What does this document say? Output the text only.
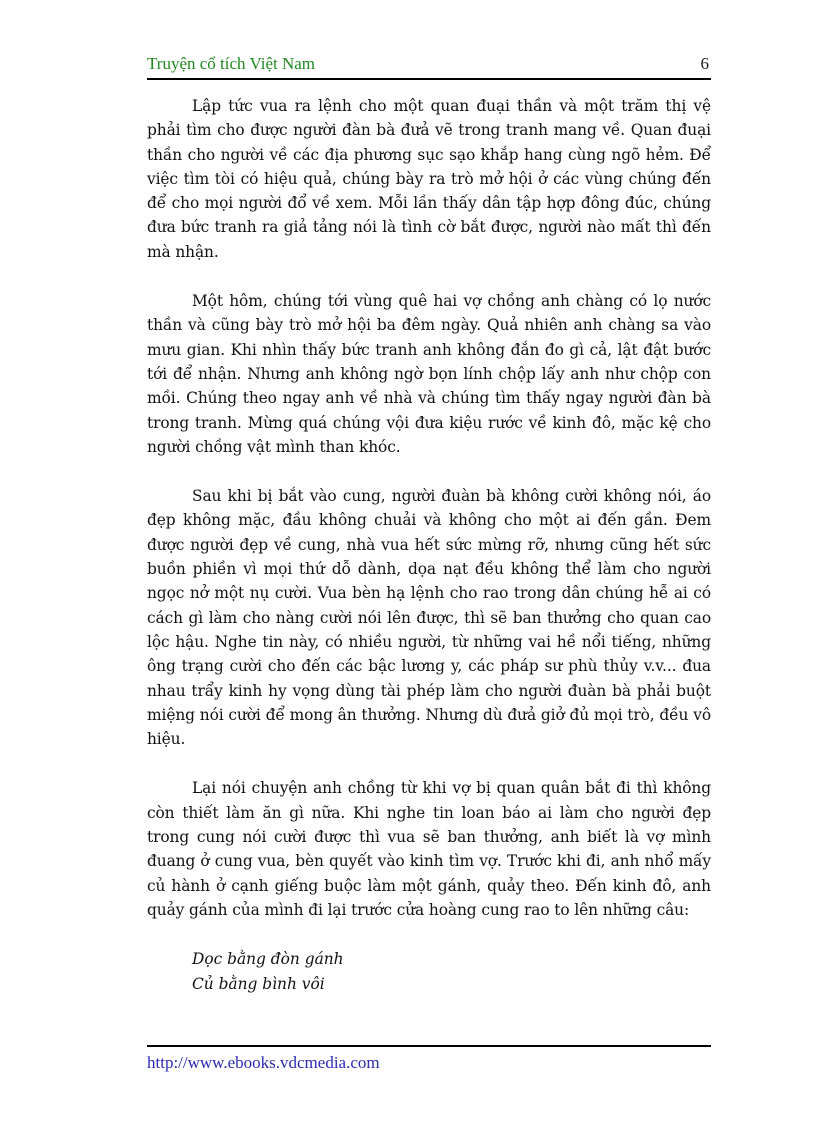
Truyện cổ tích Việt Nam	6

Lập tức vua ra lệnh cho một quan đuại thần và một trăm thị vệ phải tìm cho được người đàn bà đưả vẽ trong tranh mang về. Quan đuại thần cho người về các địa phương sục sạo khắp hang cùng ngõ hẻm. Để việc tìm tòi có hiệu quả, chúng bày ra trò mở hội ở các vùng chúng đến để cho mọi người đổ về xem. Mỗi lần thấy dân tập hợp đông đúc, chúng đưa bức tranh ra giả tảng nói là tình cờ bắt được, người nào mất thì đến mà nhận.

Một hôm, chúng tới vùng quê hai vợ chồng anh chàng có lọ nước thần và cũng bày trò mở hội ba đêm ngày. Quả nhiên anh chàng sa vào mưu gian. Khi nhìn thấy bức tranh anh không đắn đo gì cả, lật đật bước tới để nhận. Nhưng anh không ngờ bọn lính chộp lấy anh như chộp con mồi. Chúng theo ngay anh về nhà và chúng tìm thấy ngay người đàn bà trong tranh. Mừng quá chúng vội đưa kiệu rước về kinh đô, mặc kệ cho người chồng vật mình than khóc.

Sau khi bị bắt vào cung, người đuàn bà không cười không nói, áo đẹp không mặc, đầu không chuải và không cho một ai đến gần. Đem được người đẹp về cung, nhà vua hết sức mừng rỡ, nhưng cũng hết sức buồn phiền vì mọi thứ dỗ dành, dọa nạt đều không thể làm cho người ngọc nở một nụ cười. Vua bèn hạ lệnh cho rao trong dân chúng hễ ai có cách gì làm cho nàng cười nói lên được, thì sẽ ban thưởng cho quan cao lộc hậu. Nghe tin này, có nhiều người, từ những vai hề nổi tiếng, những ông trạng cười cho đến các bậc lương y, các pháp sư phù thủy v.v... đua nhau trẩy kinh hy vọng dùng tài phép làm cho người đuàn bà phải buột miệng nói cười để mong ân thưởng. Nhưng dù đưả giở đủ mọi trò, đều vô hiệu.

Lại nói chuyện anh chồng từ khi vợ bị quan quân bắt đi thì không còn thiết làm ăn gì nữa. Khi nghe tin loan báo ai làm cho người đẹp trong cung nói cười được thì vua sẽ ban thưởng, anh biết là vợ mình đuang ở cung vua, bèn quyết vào kinh tìm vợ. Trước khi đi, anh nhổ mấy củ hành ở cạnh giếng buộc làm một gánh, quảy theo. Đến kinh đô, anh quảy gánh của mình đi lại trước cửa hoàng cung rao to lên những câu:

Dọc bằng đòn gánh
Củ bằng bình vôi
http://www.ebooks.vdcmedia.com
